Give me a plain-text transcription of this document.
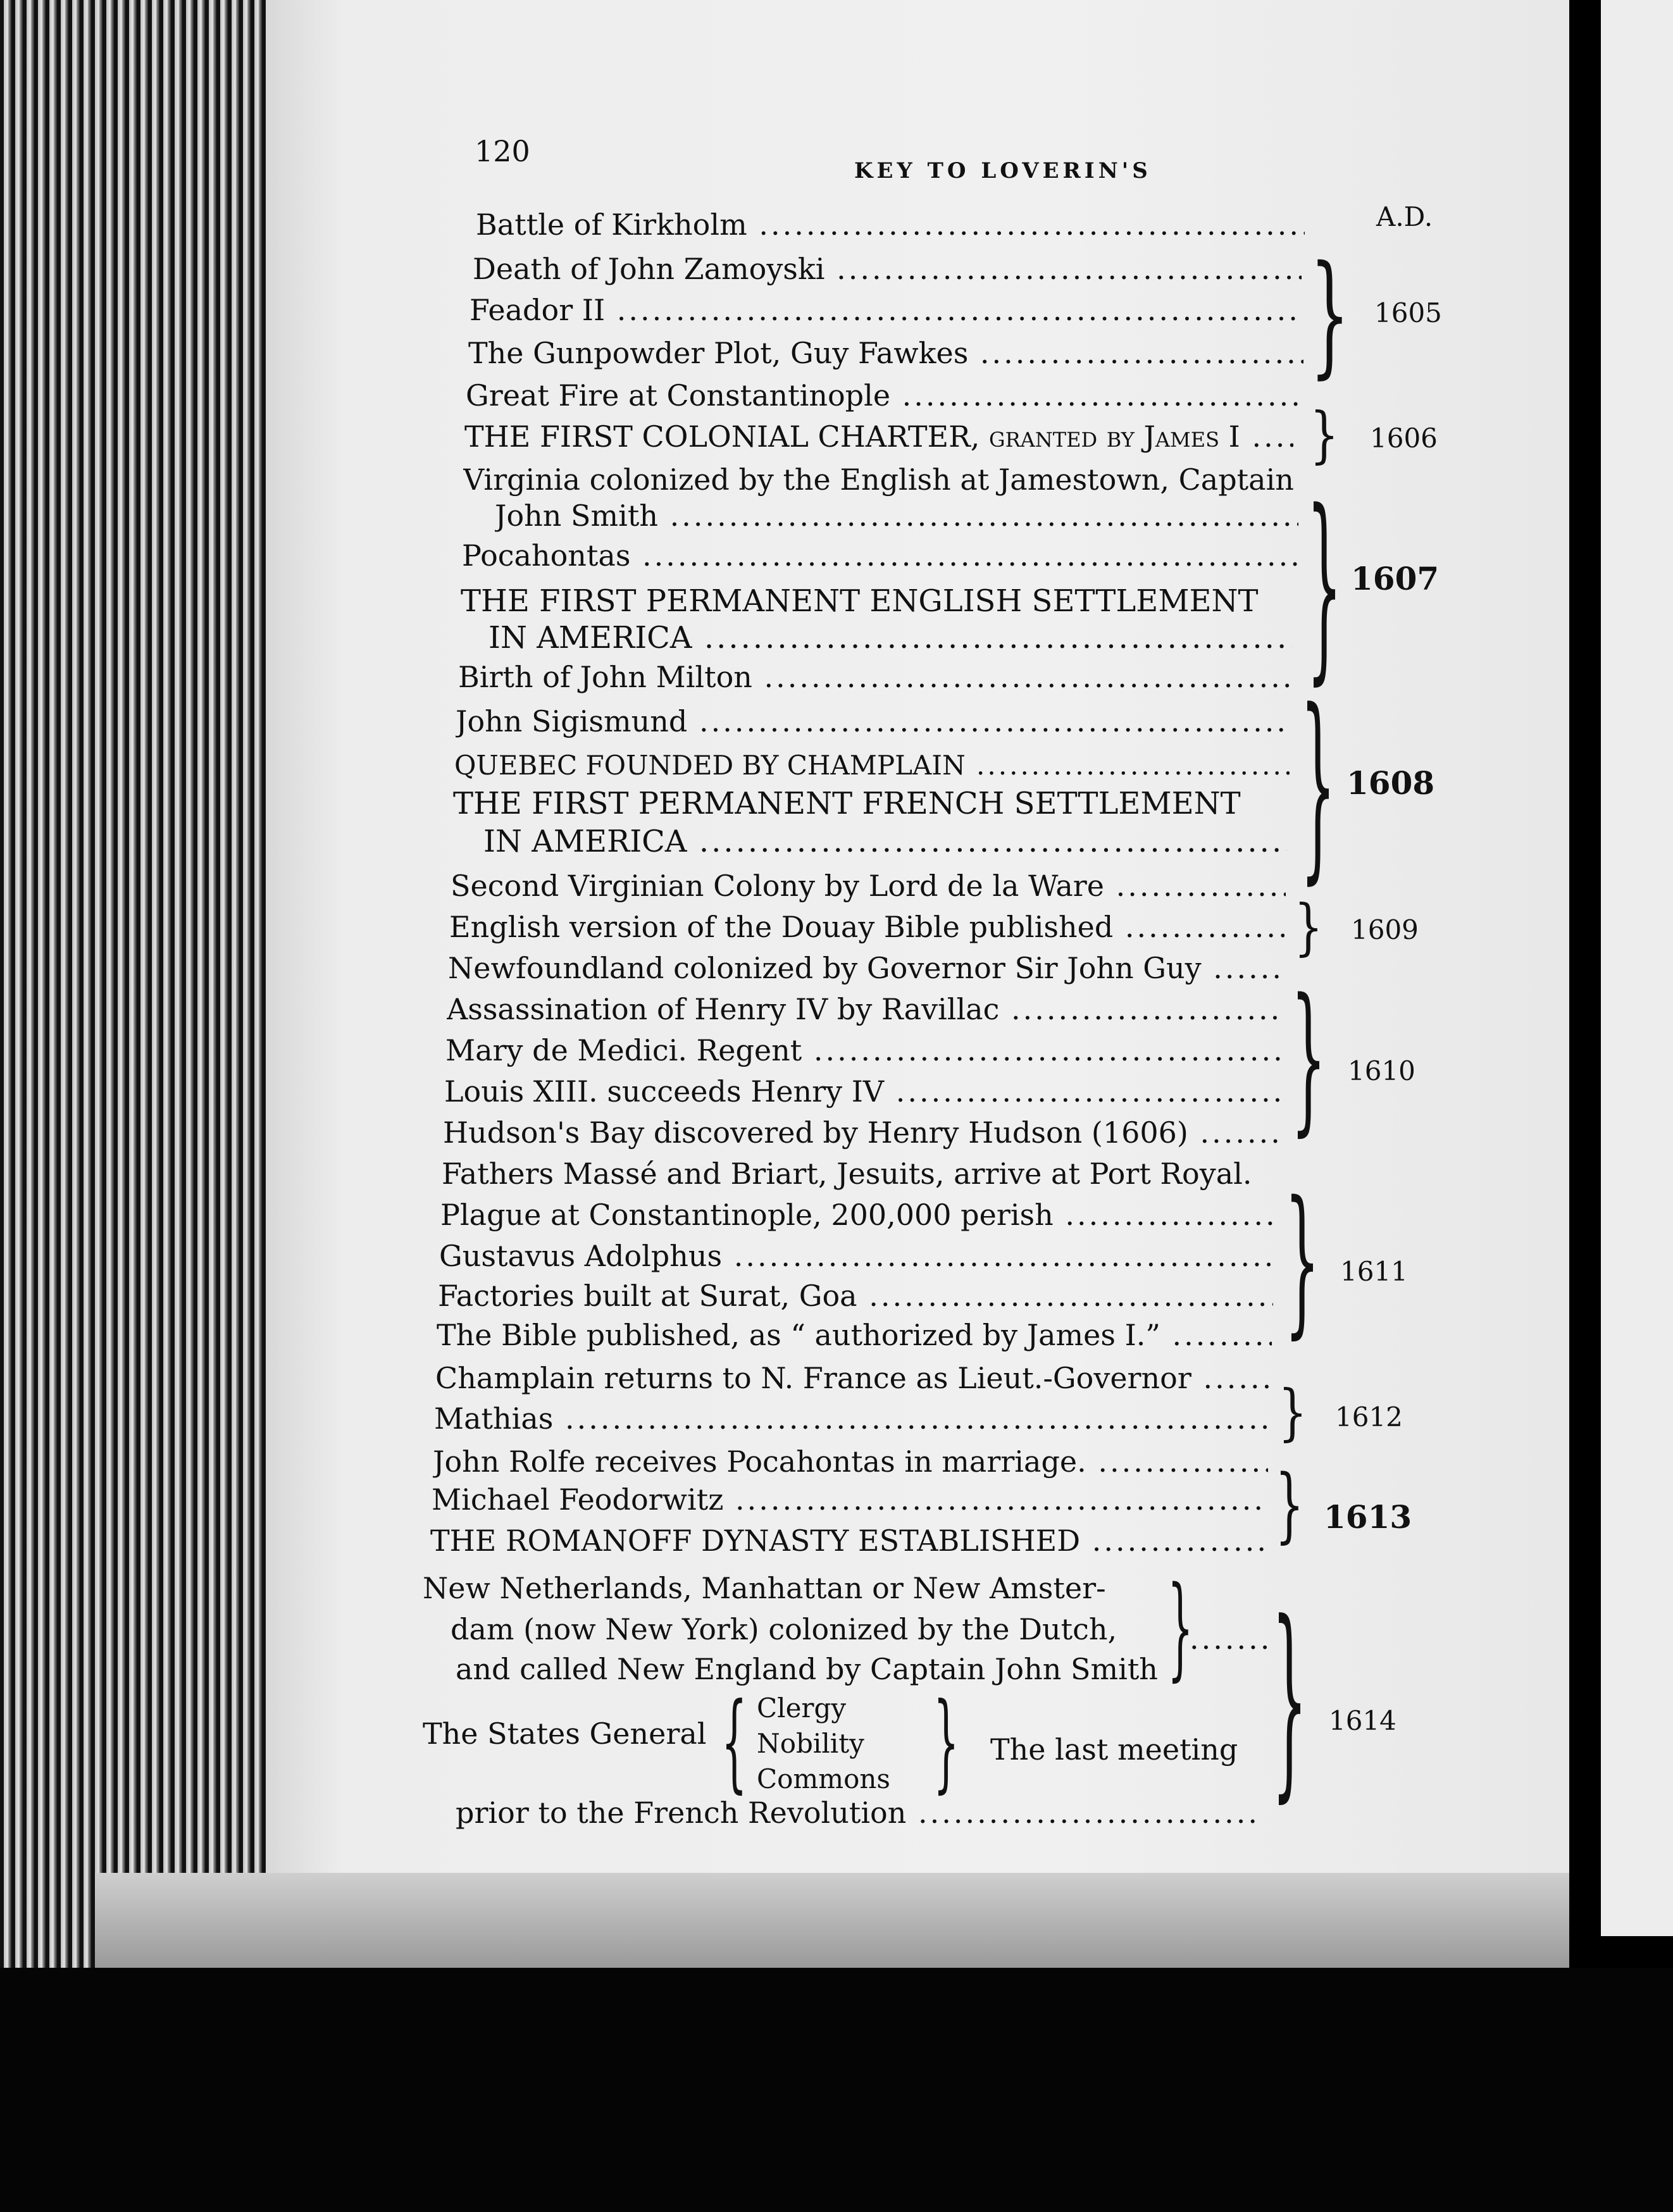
120
KEY TO LOVERIN'S
A.D.
Battle of Kirkholm .....
Death of John Zamoyski .....
Feador II .....
The Gunpowder Plot, Guy Fawkes .....
Great Fire at Constantinople .....
THE FIRST COLONIAL CHARTER, granted by James I .....
Virginia colonized by the English at Jamestown, Captain
John Smith .....
Pocahontas .....
THE FIRST PERMANENT ENGLISH SETTLEMENT
IN AMERICA .....
Birth of John Milton .....
John Sigismund .....
QUEBEC FOUNDED BY CHAMPLAIN .....
THE FIRST PERMANENT FRENCH SETTLEMENT
IN AMERICA .....
Second Virginian Colony by Lord de la Ware .....
English version of the Douay Bible published .....
Newfoundland colonized by Governor Sir John Guy .....
Assassination of Henry IV by Ravillac .....
Mary de Medici. Regent .....
Louis XIII. succeeds Henry IV .....
Hudson's Bay discovered by Henry Hudson (1606) .....
Fathers Massé and Briart, Jesuits, arrive at Port Royal.
Plague at Constantinople, 200,000 perish .....
Gustavus Adolphus .....
Factories built at Surat, Goa .....
The Bible published, as “ authorized by James I.” .....
Champlain returns to N. France as Lieut.-Governor .....
Mathias .....
John Rolfe receives Pocahontas in marriage. .....
Michael Feodorwitz .....
THE ROMANOFF DYNASTY ESTABLISHED .....
New Netherlands, Manhattan or New Amster-
dam (now New York) colonized by the Dutch,
and called New England by Captain John Smith
.....
The States General
Clergy
Nobility
Commons
The last meeting
prior to the French Revolution .....
}
}
}
}
}
}
}
}
}
} }
{	}
1605
1606
1607
1608
1609
1610
1611
1612
1613
1614
